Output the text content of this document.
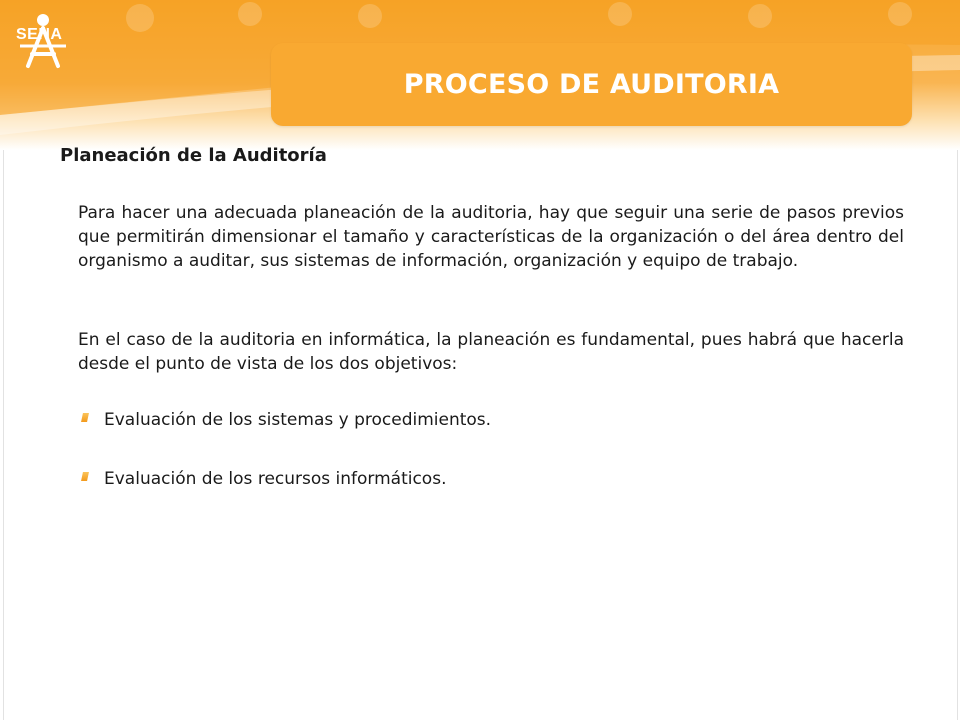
SENA
PROCESO DE AUDITORIA
Planeación de la Auditoría
Para hacer una adecuada planeación de la auditoria, hay que seguir una serie de pasos previos que permitirán dimensionar el tamaño y características de la organización o del área dentro del organismo a auditar, sus sistemas de información, organización y equipo de trabajo.
En el caso de la auditoria en informática, la planeación es fundamental, pues habrá que hacerla desde el punto de vista de los dos objetivos:
Evaluación de los sistemas y procedimientos.
Evaluación de los recursos informáticos.
